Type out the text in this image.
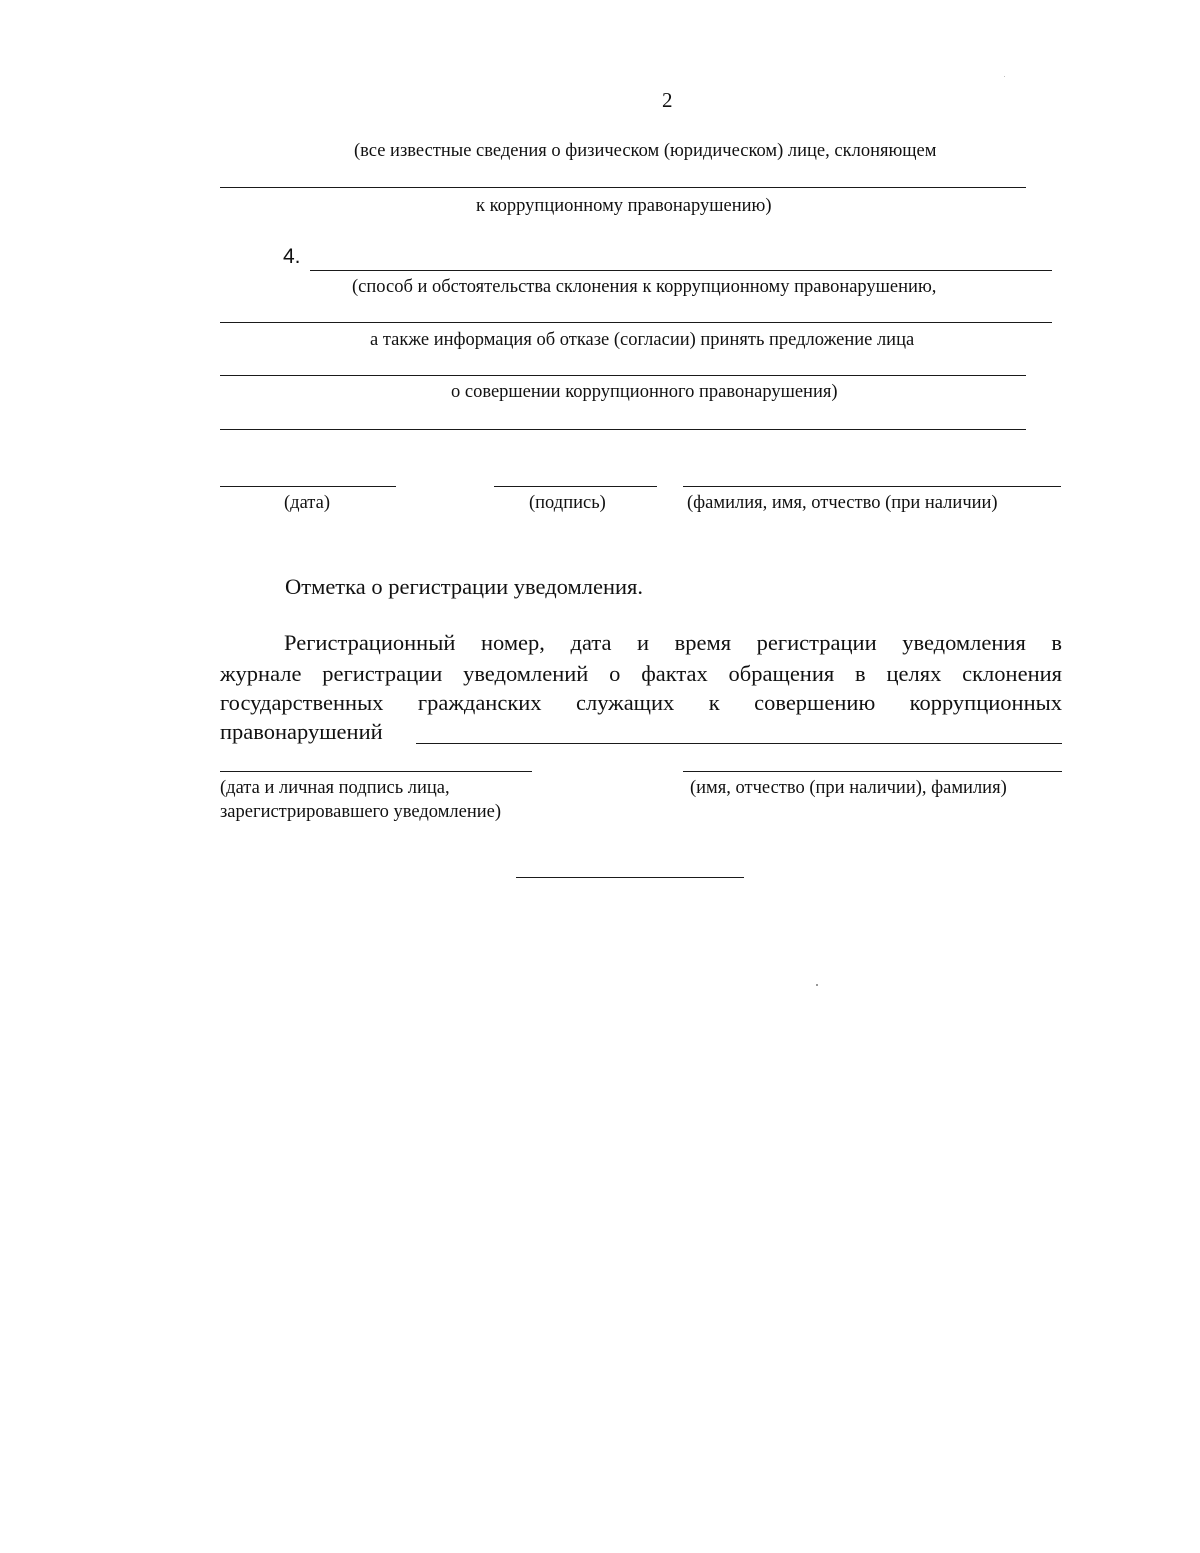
2
(все известные сведения о физическом (юридическом) лице, склоняющем
к коррупционному правонарушению)
4.
(способ и обстоятельства склонения к коррупционному правонарушению,
а также информация об отказе (согласии) принять предложение лица
о совершении коррупционного правонарушения)
(дата)	(подпись)	(фамилия, имя, отчество (при наличии)
Отметка о регистрации уведомления.
Регистрационный номер, дата и время регистрации уведомления в
журнале регистрации уведомлений о фактах обращения в целях склонения
государственных гражданских служащих к совершению коррупционных
правонарушений
(дата и личная подпись лица,
зарегистрировавшего уведомление)
(имя, отчество (при наличии), фамилия)
